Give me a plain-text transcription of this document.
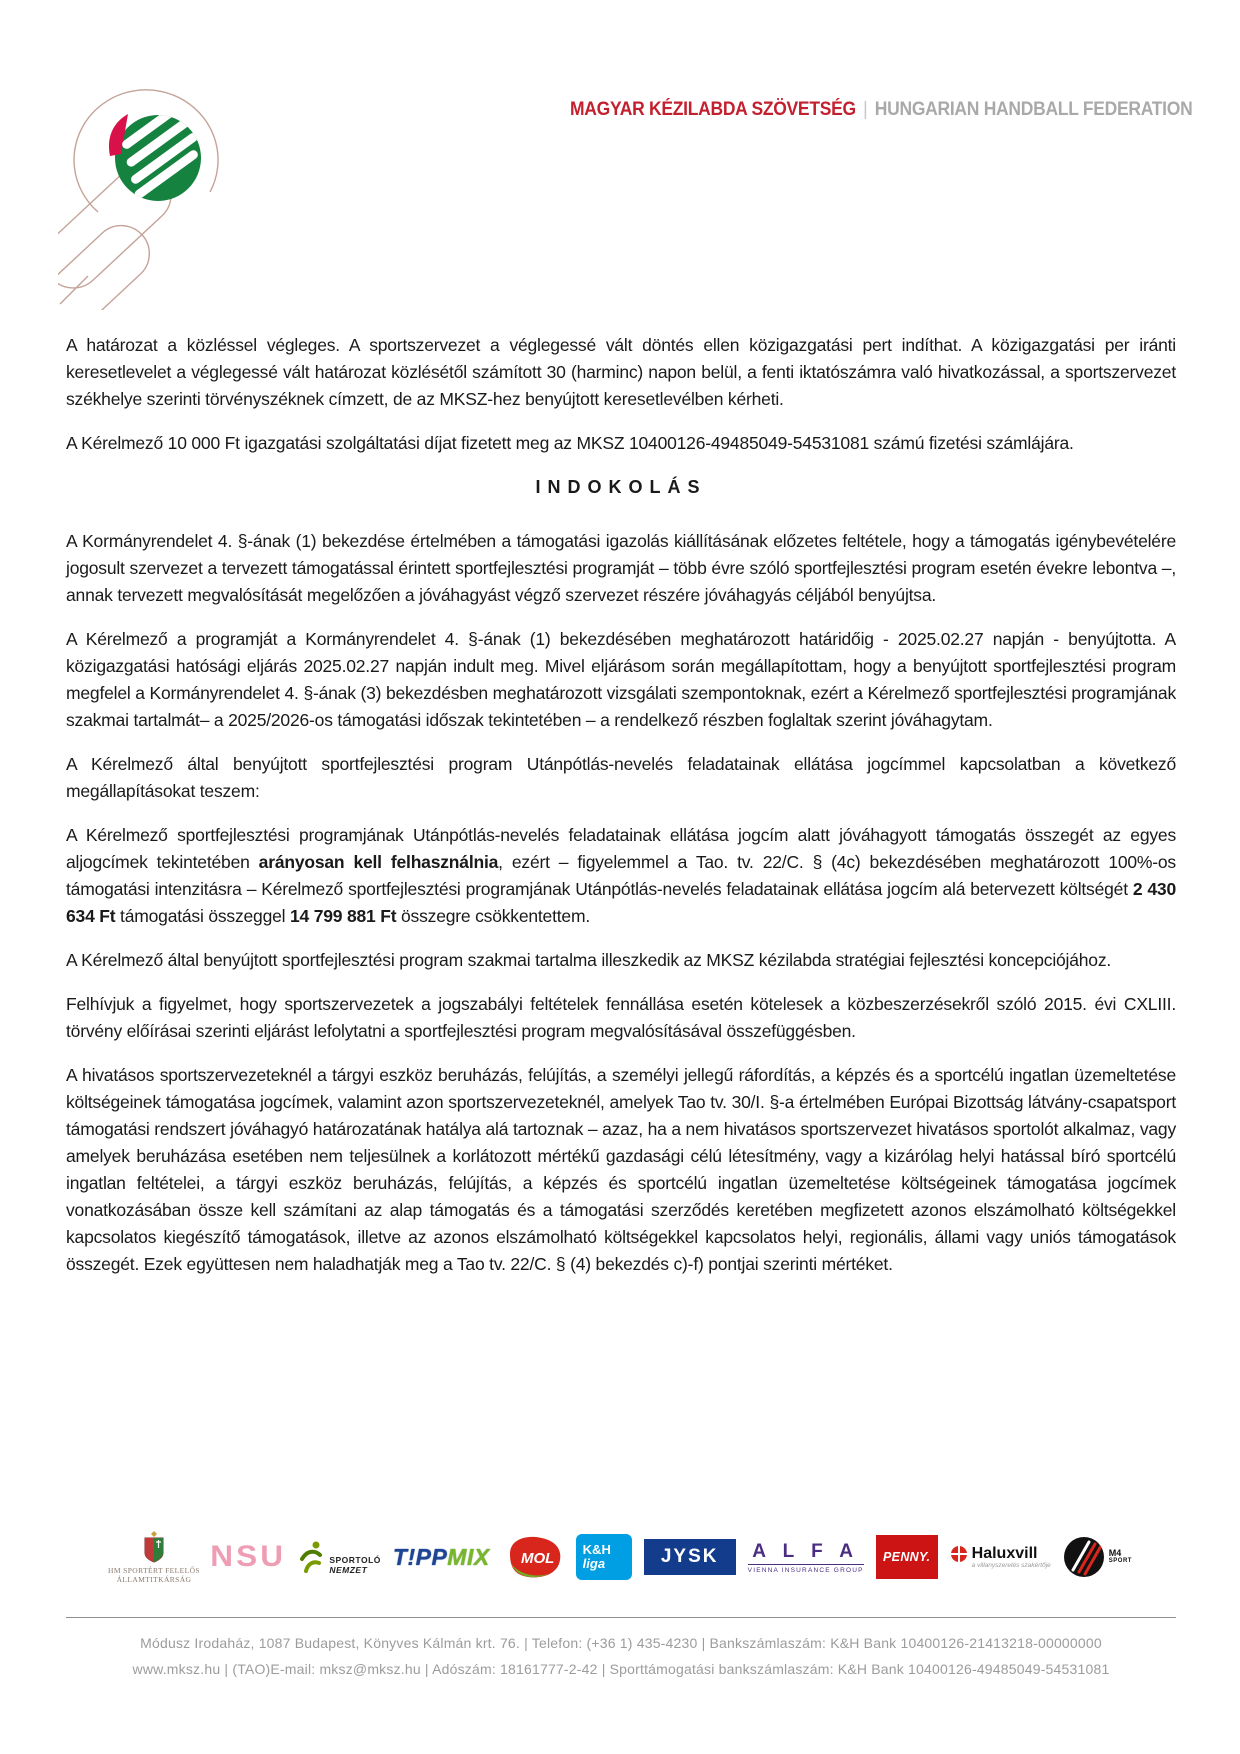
MAGYAR KÉZILABDA SZÖVETSÉG | HUNGARIAN HANDBALL FEDERATION

A határozat a közléssel végleges. A sportszervezet a véglegessé vált döntés ellen közigazgatási pert indíthat. A közigazgatási per iránti keresetlevelet a véglegessé vált határozat közlésétől számított 30 (harminc) napon belül, a fenti iktatószámra való hivatkozással, a sportszervezet székhelye szerinti törvényszéknek címzett, de az MKSZ-hez benyújtott keresetlevélben kérheti.

A Kérelmező 10 000 Ft igazgatási szolgáltatási díjat fizetett meg az MKSZ 10400126-49485049-54531081 számú fizetési számlájára.

INDOKOLÁS

A Kormányrendelet 4. §-ának (1) bekezdése értelmében a támogatási igazolás kiállításának előzetes feltétele, hogy a támogatás igénybevételére jogosult szervezet a tervezett támogatással érintett sportfejlesztési programját – több évre szóló sportfejlesztési program esetén évekre lebontva –, annak tervezett megvalósítását megelőzően a jóváhagyást végző szervezet részére jóváhagyás céljából benyújtsa.

A Kérelmező a programját a Kormányrendelet 4. §-ának (1) bekezdésében meghatározott határidőig - 2025.02.27 napján - benyújtotta. A közigazgatási hatósági eljárás 2025.02.27 napján indult meg. Mivel eljárásom során megállapítottam, hogy a benyújtott sportfejlesztési program megfelel a Kormányrendelet 4. §-ának (3) bekezdésben meghatározott vizsgálati szempontoknak, ezért a Kérelmező sportfejlesztési programjának szakmai tartalmát– a 2025/2026-os támogatási időszak tekintetében – a rendelkező részben foglaltak szerint jóváhagytam.

A Kérelmező által benyújtott sportfejlesztési program Utánpótlás-nevelés feladatainak ellátása jogcímmel kapcsolatban a következő megállapításokat teszem:

A Kérelmező sportfejlesztési programjának Utánpótlás-nevelés feladatainak ellátása jogcím alatt jóváhagyott támogatás összegét az egyes aljogcímek tekintetében arányosan kell felhasználnia, ezért – figyelemmel a Tao. tv. 22/C. § (4c) bekezdésében meghatározott 100%-os támogatási intenzitásra – Kérelmező sportfejlesztési programjának Utánpótlás-nevelés feladatainak ellátása jogcím alá betervezett költségét 2 430 634 Ft támogatási összeggel 14 799 881 Ft összegre csökkentettem.

A Kérelmező által benyújtott sportfejlesztési program szakmai tartalma illeszkedik az MKSZ kézilabda stratégiai fejlesztési koncepciójához.

Felhívjuk a figyelmet, hogy sportszervezetek a jogszabályi feltételek fennállása esetén kötelesek a közbeszerzésekről szóló 2015. évi CXLIII. törvény előírásai szerinti eljárást lefolytatni a sportfejlesztési program megvalósításával összefüggésben.

A hivatásos sportszervezeteknél a tárgyi eszköz beruházás, felújítás, a személyi jellegű ráfordítás, a képzés és a sportcélú ingatlan üzemeltetése költségeinek támogatása jogcímek, valamint azon sportszervezeteknél, amelyek Tao tv. 30/I. §-a értelmében Európai Bizottság látvány-csapatsport támogatási rendszert jóváhagyó határozatának hatálya alá tartoznak – azaz, ha a nem hivatásos sportszervezet hivatásos sportolót alkalmaz, vagy amelyek beruházása esetében nem teljesülnek a korlátozott mértékű gazdasági célú létesítmény, vagy a kizárólag helyi hatással bíró sportcélú ingatlan feltételei, a tárgyi eszköz beruházás, felújítás, a képzés és sportcélú ingatlan üzemeltetése költségeinek támogatása jogcímek vonatkozásában össze kell számítani az alap támogatás és a támogatási szerződés keretében megfizetett azonos elszámolható költségekkel kapcsolatos kiegészítő támogatások, illetve az azonos elszámolható költségekkel kapcsolatos helyi, regionális, állami vagy uniós támogatások összegét. Ezek együttesen nem haladhatják meg a Tao tv. 22/C. § (4) bekezdés c)-f) pontjai szerinti mértéket.

HM SPORTÉRT FELELŐS
ÁLLAMTITKÁRSÁG
NSU	SPORTOLÓ
NEMZET
T!PPMIX MOL
K&H
liga	JYSK	A L F A
VIENNA INSURANCE GROUP
PENNY.	Haluxvill
a villanyszerelés szakértője
M4
SPORT
Módusz Irodaház, 1087 Budapest, Könyves Kálmán krt. 76. | Telefon: (+36 1) 435-4230 | Bankszámlaszám: K&H Bank 10400126-21413218-00000000
www.mksz.hu | (TAO)E-mail: mksz@mksz.hu | Adószám: 18161777-2-42 | Sporttámogatási bankszámlaszám: K&H Bank 10400126-49485049-54531081
